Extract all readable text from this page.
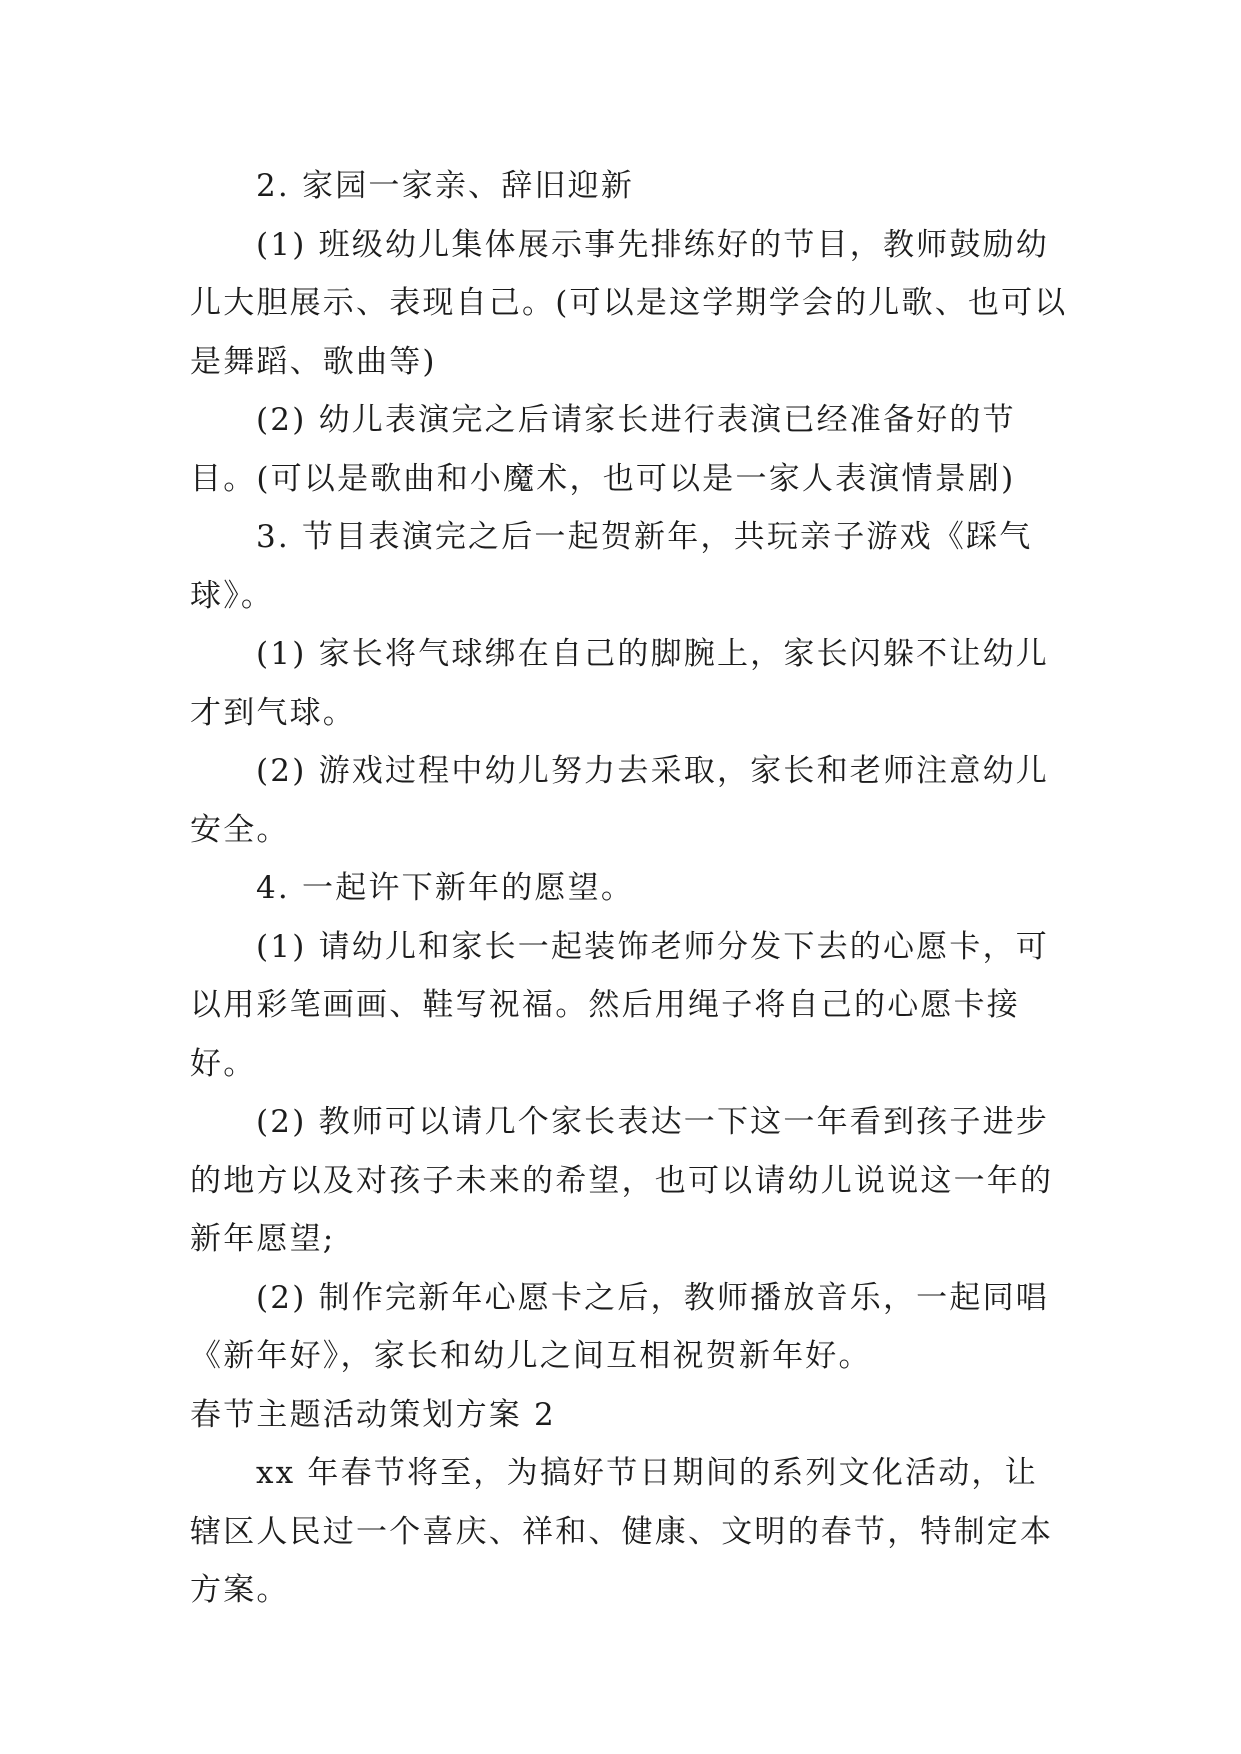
2. 家园一家亲、辞旧迎新

(1) 班级幼儿集体展示事先排练好的节目，教师鼓励幼儿大胆展示、表现自己。(可以是这学期学会的儿歌、也可以是舞蹈、歌曲等)

(2) 幼儿表演完之后请家长进行表演已经准备好的节目。(可以是歌曲和小魔术，也可以是一家人表演情景剧)

3. 节目表演完之后一起贺新年，共玩亲子游戏《踩气球》。

(1) 家长将气球绑在自己的脚腕上，家长闪躲不让幼儿才到气球。

(2) 游戏过程中幼儿努力去采取，家长和老师注意幼儿安全。

4. 一起许下新年的愿望。

(1) 请幼儿和家长一起装饰老师分发下去的心愿卡，可以用彩笔画画、鞋写祝福。然后用绳子将自己的心愿卡接好。

(2) 教师可以请几个家长表达一下这一年看到孩子进步的地方以及对孩子未来的希望，也可以请幼儿说说这一年的新年愿望;

(2) 制作完新年心愿卡之后，教师播放音乐，一起同唱《新年好》，家长和幼儿之间互相祝贺新年好。

春节主题活动策划方案 2

xx 年春节将至，为搞好节日期间的系列文化活动，让辖区人民过一个喜庆、祥和、健康、文明的春节，特制定本方案。
